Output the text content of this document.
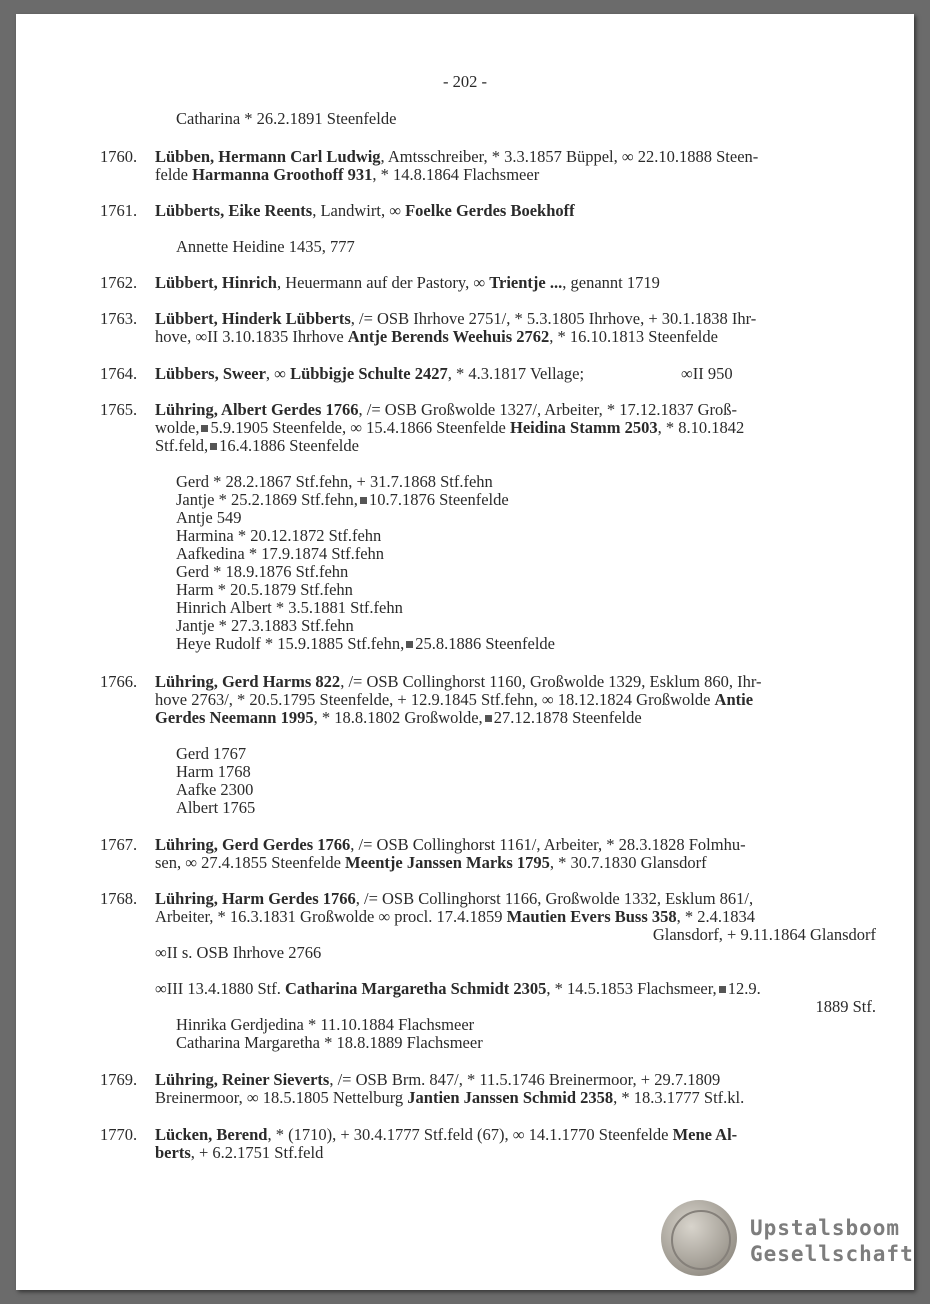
- 202 -
Catharina * 26.2.1891 Steenfelde
1760. Lübben, Hermann Carl Ludwig, Amtsschreiber, * 3.3.1857 Büppel, ∞ 22.10.1888 Steen-
felde Harmanna Groothoff 931, * 14.8.1864 Flachsmeer
1761. Lübberts, Eike Reents, Landwirt, ∞ Foelke Gerdes Boekhoff
Annette Heidine 1435, 777
1762. Lübbert, Hinrich, Heuermann auf der Pastory, ∞ Trientje ..., genannt 1719
1763. Lübbert, Hinderk Lübberts, /= OSB Ihrhove 2751/, * 5.3.1805 Ihrhove, + 30.1.1838 Ihr-
hove, ∞II 3.10.1835 Ihrhove Antje Berends Weehuis 2762, * 16.10.1813 Steenfelde
1764. Lübbers, Sweer, ∞ Lübbigje Schulte 2427, * 4.3.1817 Vellage;	∞II 950
1765. Lühring, Albert Gerdes 1766, /= OSB Großwolde 1327/, Arbeiter, * 17.12.1837 Groß-
wolde, 5.9.1905 Steenfelde, ∞ 15.4.1866 Steenfelde Heidina Stamm 2503, * 8.10.1842
Stf.feld, 16.4.1886 Steenfelde
Gerd * 28.2.1867 Stf.fehn, + 31.7.1868 Stf.fehn
Jantje * 25.2.1869 Stf.fehn, 10.7.1876 Steenfelde
Antje 549
Harmina * 20.12.1872 Stf.fehn
Aafkedina * 17.9.1874 Stf.fehn
Gerd * 18.9.1876 Stf.fehn
Harm * 20.5.1879 Stf.fehn
Hinrich Albert * 3.5.1881 Stf.fehn
Jantje * 27.3.1883 Stf.fehn
Heye Rudolf * 15.9.1885 Stf.fehn, 25.8.1886 Steenfelde
1766. Lühring, Gerd Harms 822, /= OSB Collinghorst 1160, Großwolde 1329, Esklum 860, Ihr-
hove 2763/, * 20.5.1795 Steenfelde, + 12.9.1845 Stf.fehn, ∞ 18.12.1824 Großwolde Antie
Gerdes Neemann 1995, * 18.8.1802 Großwolde, 27.12.1878 Steenfelde
Gerd 1767
Harm 1768
Aafke 2300
Albert 1765
1767. Lühring, Gerd Gerdes 1766, /= OSB Collinghorst 1161/, Arbeiter, * 28.3.1828 Folmhu-
sen, ∞ 27.4.1855 Steenfelde Meentje Janssen Marks 1795, * 30.7.1830 Glansdorf
1768. Lühring, Harm Gerdes 1766, /= OSB Collinghorst 1166, Großwolde 1332, Esklum 861/,
Arbeiter, * 16.3.1831 Großwolde ∞ procl. 17.4.1859 Mautien Evers Buss 358, * 2.4.1834
Glansdorf, + 9.11.1864 Glansdorf
∞II s. OSB Ihrhove 2766
∞III 13.4.1880 Stf. Catharina Margaretha Schmidt 2305, * 14.5.1853 Flachsmeer, 12.9.
1889 Stf.
Hinrika Gerdjedina * 11.10.1884 Flachsmeer
Catharina Margaretha * 18.8.1889 Flachsmeer
1769. Lühring, Reiner Sieverts, /= OSB Brm. 847/, * 11.5.1746 Breinermoor, + 29.7.1809
Breinermoor, ∞ 18.5.1805 Nettelburg Jantien Janssen Schmid 2358, * 18.3.1777 Stf.kl.
1770. Lücken, Berend, * (1710), + 30.4.1777 Stf.feld (67), ∞ 14.1.1770 Steenfelde Mene Al-
berts, + 6.2.1751 Stf.feld
Upstalsboom
Gesellschaft
